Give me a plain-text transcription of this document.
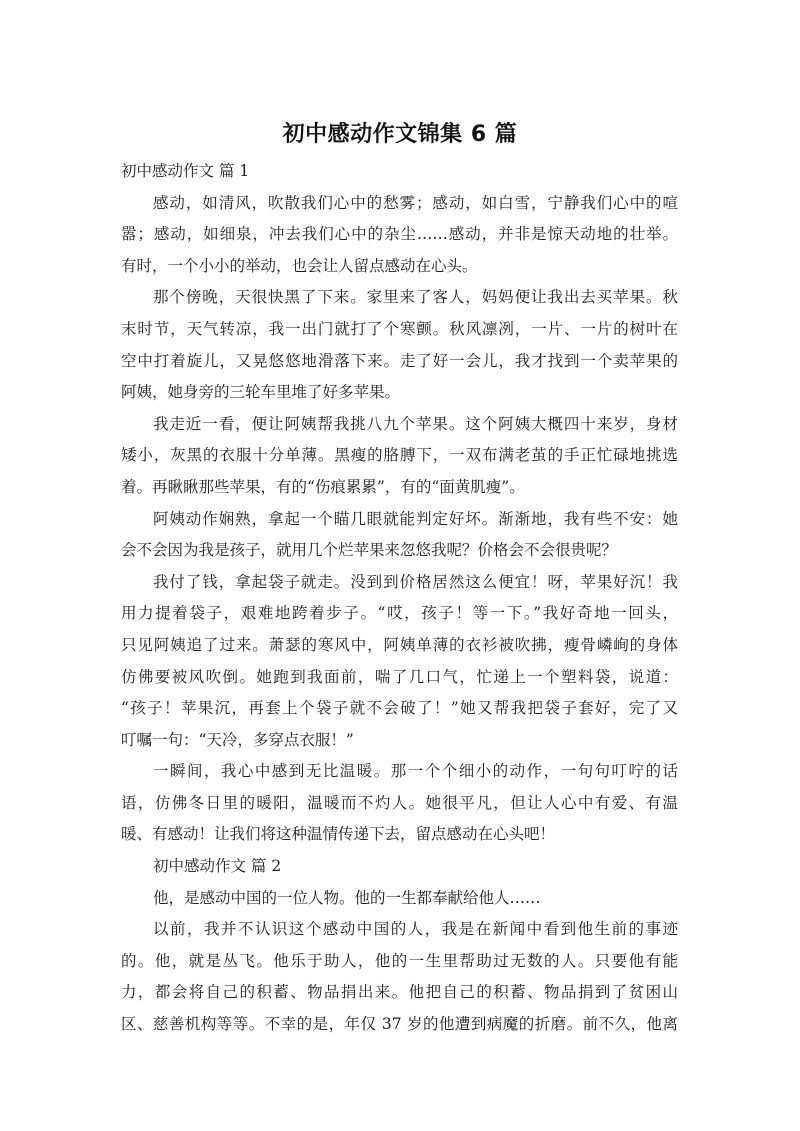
初中感动作文锦集 6 篇
初中感动作文 篇 1
感动，如清风，吹散我们心中的愁雾；感动，如白雪，宁静我们心中的喧
嚣；感动，如细泉，冲去我们心中的杂尘……感动，并非是惊天动地的壮举。
有时，一个小小的举动，也会让人留点感动在心头。
那个傍晚，天很快黑了下来。家里来了客人，妈妈便让我出去买苹果。秋
末时节，天气转凉，我一出门就打了个寒颤。秋风凛冽，一片、一片的树叶在
空中打着旋儿，又晃悠悠地滑落下来。走了好一会儿，我才找到一个卖苹果的
阿姨，她身旁的三轮车里堆了好多苹果。
我走近一看，便让阿姨帮我挑八九个苹果。这个阿姨大概四十来岁，身材
矮小，灰黑的衣服十分单薄。黑瘦的胳膊下，一双布满老茧的手正忙碌地挑选
着。再瞅瞅那些苹果，有的“伤痕累累”，有的“面黄肌瘦”。
阿姨动作娴熟，拿起一个瞄几眼就能判定好坏。渐渐地，我有些不安：她
会不会因为我是孩子，就用几个烂苹果来忽悠我呢？价格会不会很贵呢？
我付了钱，拿起袋子就走。没到到价格居然这么便宜！呀，苹果好沉！我
用力提着袋子，艰难地跨着步子。“哎，孩子！等一下。”我好奇地一回头，
只见阿姨追了过来。萧瑟的寒风中，阿姨单薄的衣衫被吹拂，瘦骨嶙峋的身体
仿佛要被风吹倒。她跑到我面前，喘了几口气，忙递上一个塑料袋，说道：
“孩子！苹果沉，再套上个袋子就不会破了！”她又帮我把袋子套好，完了又
叮嘱一句：“天冷，多穿点衣服！”
一瞬间，我心中感到无比温暖。那一个个细小的动作，一句句叮咛的话
语，仿佛冬日里的暖阳，温暖而不灼人。她很平凡，但让人心中有爱、有温
暖、有感动！让我们将这种温情传递下去，留点感动在心头吧！
初中感动作文 篇 2
他，是感动中国的一位人物。他的一生都奉献给他人……
以前，我并不认识这个感动中国的人，我是在新闻中看到他生前的事迹
的。他，就是丛飞。他乐于助人，他的一生里帮助过无数的人。只要他有能
力，都会将自己的积蓄、物品捐出来。他把自己的积蓄、物品捐到了贫困山
区、慈善机构等等。不幸的是，年仅 37 岁的他遭到病魔的折磨。前不久，他离
